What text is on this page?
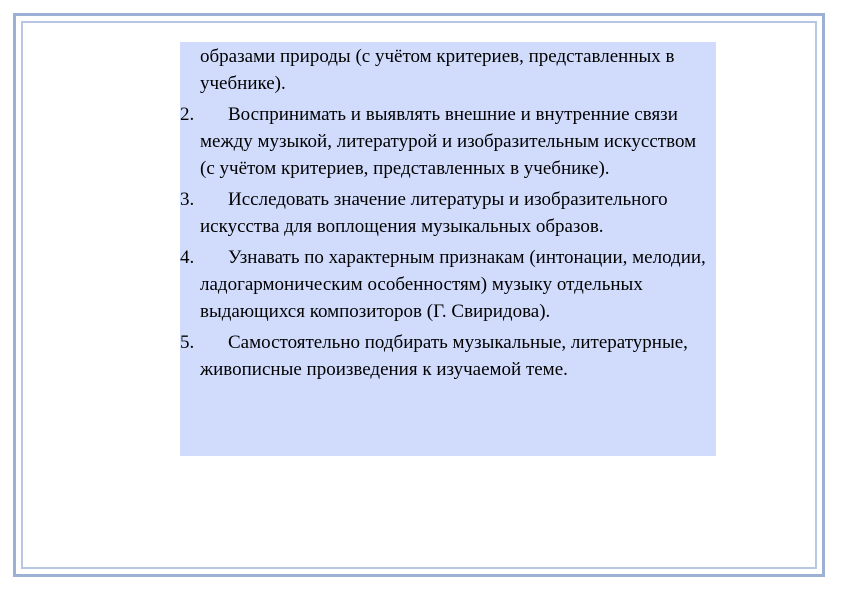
образами природы (с учётом критериев, представленных в учебнике).

2. Воспринимать и выявлять внешние и внутренние связи между музыкой, литературой и изобразительным искусством (с учётом критериев, представленных в учебнике).
3. Исследовать значение литературы и изобразительного искусства для воплощения музыкальных образов.
4. Узнавать по характерным признакам (интонации, мелодии, ладогармоническим особенностям) музыку отдельных выдающихся композиторов (Г. Свиридова).
5. Самостоятельно подбирать музыкальные, литературные, живописные произведения к изучаемой теме.
